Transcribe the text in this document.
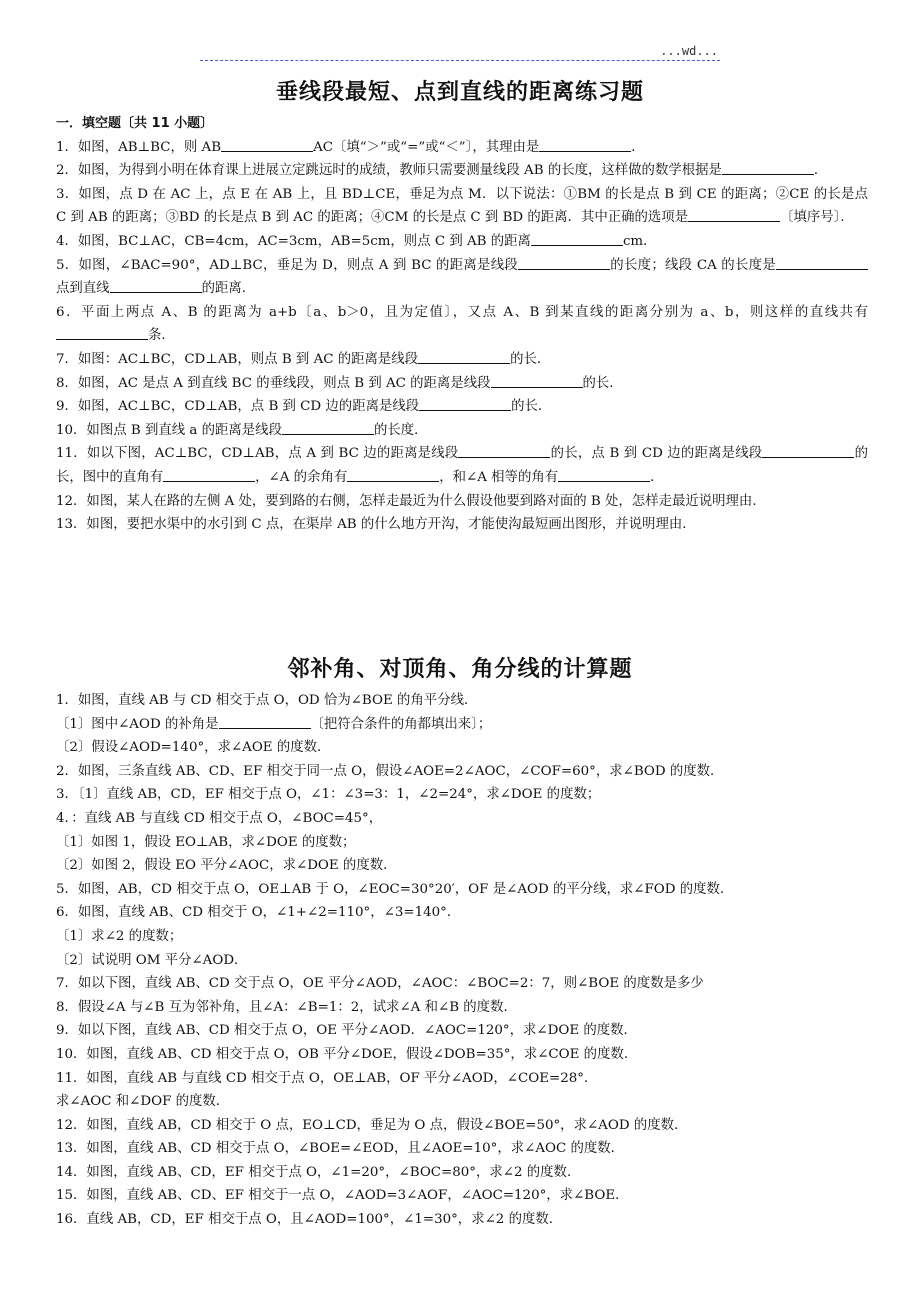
...wd...
垂线段最短、点到直线的距离练习题

一．填空题〔共 11 小题〕

1．如图，AB⊥BC，则 AB	AC〔填“＞”或“=”或“＜”〕，其理由是	．

2．如图，为得到小明在体育课上进展立定跳远时的成绩，教师只需要测量线段 AB 的长度，这样做的数学根据是	．

3．如图，点 D 在 AC 上，点 E 在 AB 上，且 BD⊥CE，垂足为点 M．以下说法：①BM 的长是点 B 到 CE 的距离；②CE 的长是点 C 到 AB 的距离；③BD 的长是点 B 到 AC 的距离；④CM 的长是点 C 到 BD 的距离．其中正确的选项是	〔填序号〕．

4．如图，BC⊥AC，CB=4cm，AC=3cm，AB=5cm，则点 C 到 AB 的距离	cm．

5．如图，∠BAC=90°，AD⊥BC，垂足为 D，则点 A 到 BC 的距离是线段	的长度；线段 CA 的长度是点到直线	的距离．

6．平面上两点 A、B 的距离为 a+b〔a、b＞0，且为定值〕，又点 A、B 到某直线的距离分别为 a、b，则这样的直线共有条．

7．如图：AC⊥BC，CD⊥AB，则点 B 到 AC 的距离是线段	的长．

8．如图，AC 是点 A 到直线 BC 的垂线段，则点 B 到 AC 的距离是线段	的长．

9．如图，AC⊥BC，CD⊥AB，点 B 到 CD 边的距离是线段	的长．

10．如图点 B 到直线 a 的距离是线段	的长度．

11．如以下图，AC⊥BC，CD⊥AB，点 A 到 BC 边的距离是线段	的长，点 B 到 CD 边的距离是线段	的长，图中的直角有	，∠A 的余角有	，和∠A 相等的角有	．

12．如图，某人在路的左侧 A 处，要到路的右侧，怎样走最近为什么假设他要到路对面的 B 处，怎样走最近说明理由．

13．如图，要把水渠中的水引到 C 点，在渠岸 AB 的什么地方开沟，才能使沟最短画出图形，并说明理由．

邻补角、对顶角、角分线的计算题

1．如图，直线 AB 与 CD 相交于点 O，OD 恰为∠BOE 的角平分线．

〔1〕图中∠AOD 的补角是	〔把符合条件的角都填出来〕；

〔2〕假设∠AOD=140°，求∠AOE 的度数．

2．如图，三条直线 AB、CD、EF 相交于同一点 O，假设∠AOE=2∠AOC，∠COF=60°，求∠BOD 的度数．

3．〔1〕直线 AB，CD，EF 相交于点 O，∠1：∠3=3：1，∠2=24°，求∠DOE 的度数；

4．：直线 AB 与直线 CD 相交于点 O，∠BOC=45°，

〔1〕如图 1，假设 EO⊥AB，求∠DOE 的度数；

〔2〕如图 2，假设 EO 平分∠AOC，求∠DOE 的度数．

5．如图，AB，CD 相交于点 O，OE⊥AB 于 O，∠EOC=30°20′，OF 是∠AOD 的平分线，求∠FOD 的度数．

6．如图，直线 AB、CD 相交于 O，∠1+∠2=110°，∠3=140°．

〔1〕求∠2 的度数；

〔2〕试说明 OM 平分∠AOD．

7．如以下图，直线 AB、CD 交于点 O，OE 平分∠AOD，∠AOC：∠BOC=2：7，则∠BOE 的度数是多少

8．假设∠A 与∠B 互为邻补角，且∠A：∠B=1：2，试求∠A 和∠B 的度数．

9．如以下图，直线 AB、CD 相交于点 O，OE 平分∠AOD．∠AOC=120°，求∠DOE 的度数．

10．如图，直线 AB、CD 相交于点 O，OB 平分∠DOE，假设∠DOB=35°，求∠COE 的度数．

11．如图，直线 AB 与直线 CD 相交于点 O，OE⊥AB，OF 平分∠AOD，∠COE=28°．

求∠AOC 和∠DOF 的度数．

12．如图，直线 AB，CD 相交于 O 点，EO⊥CD，垂足为 O 点，假设∠BOE=50°，求∠AOD 的度数．

13．如图，直线 AB、CD 相交于点 O，∠BOE=∠EOD，且∠AOE=10°，求∠AOC 的度数．

14．如图，直线 AB、CD，EF 相交于点 O，∠1=20°，∠BOC=80°，求∠2 的度数．

15．如图，直线 AB、CD、EF 相交于一点 O，∠AOD=3∠AOF，∠AOC=120°，求∠BOE．

16．直线 AB，CD，EF 相交于点 O，且∠AOD=100°，∠1=30°，求∠2 的度数．
